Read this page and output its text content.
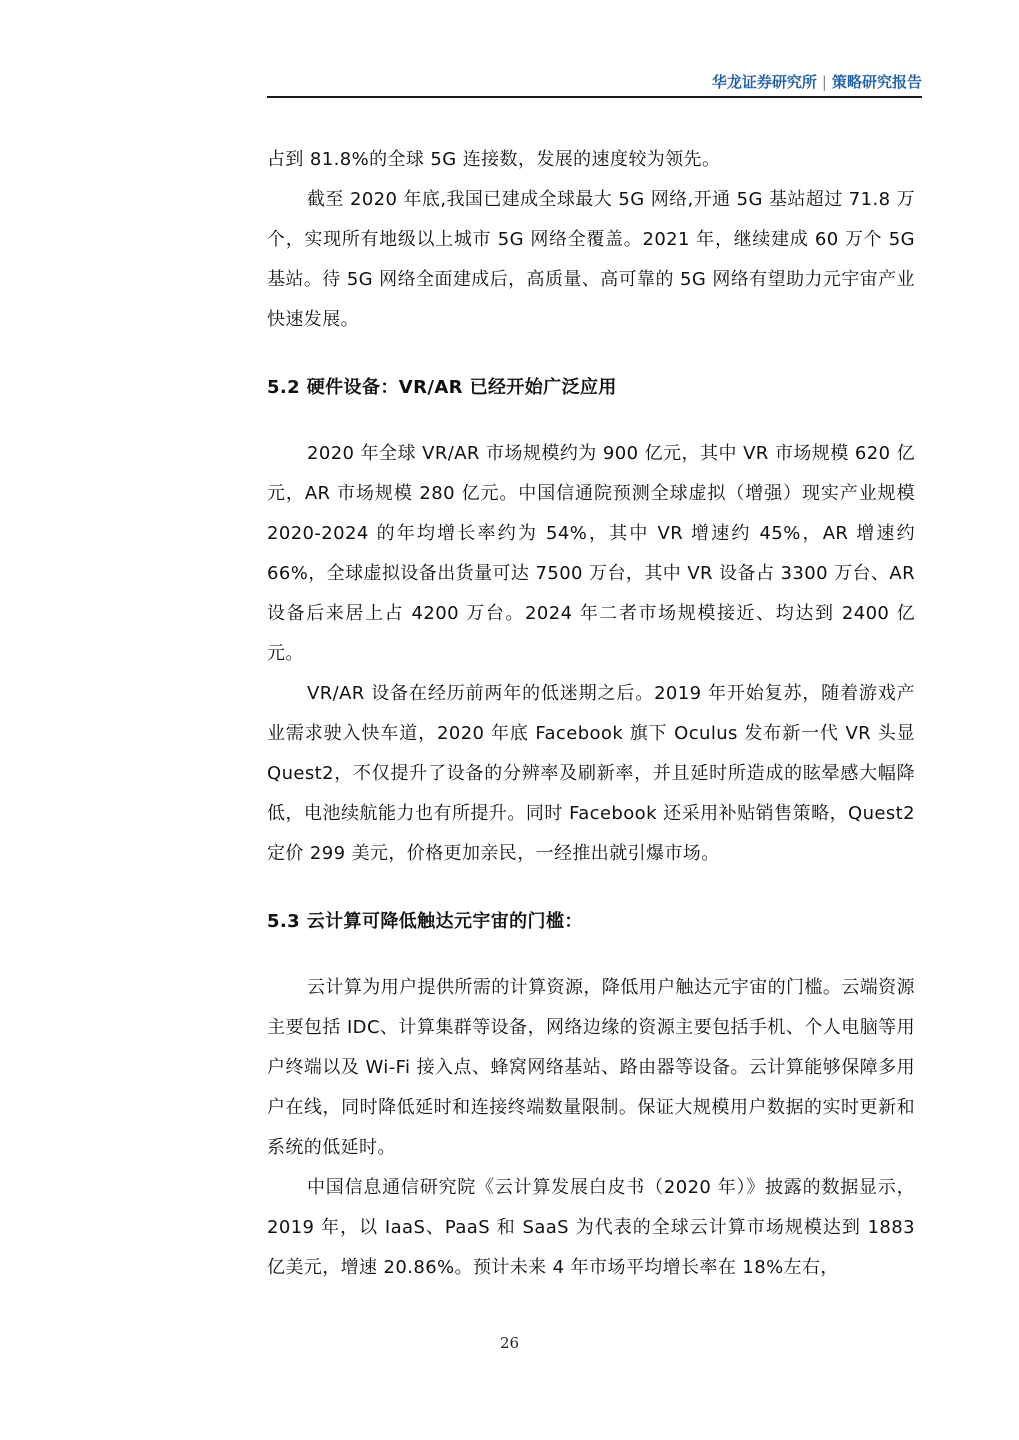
华龙证券研究所 | 策略研究报告

占到 81.8%的全球 5G 连接数，发展的速度较为领先。

截至 2020 年底,我国已建成全球最大 5G 网络,开通 5G 基站超过 71.8 万个，实现所有地级以上城市 5G 网络全覆盖。2021 年，继续建成 60 万个 5G 基站。待 5G 网络全面建成后，高质量、高可靠的 5G 网络有望助力元宇宙产业快速发展。

5.2 硬件设备：VR/AR 已经开始广泛应用

2020 年全球 VR/AR 市场规模约为 900 亿元，其中 VR 市场规模 620 亿元，AR 市场规模 280 亿元。中国信通院预测全球虚拟（增强）现实产业规模 2020-2024 的年均增长率约为 54%，其中 VR 增速约 45%，AR 增速约 66%，全球虚拟设备出货量可达 7500 万台，其中 VR 设备占 3300 万台、AR 设备后来居上占 4200 万台。2024 年二者市场规模接近、均达到 2400 亿元。

VR/AR 设备在经历前两年的低迷期之后。2019 年开始复苏，随着游戏产业需求驶入快车道，2020 年底 Facebook 旗下 Oculus 发布新一代 VR 头显 Quest2，不仅提升了设备的分辨率及刷新率，并且延时所造成的眩晕感大幅降低，电池续航能力也有所提升。同时 Facebook 还采用补贴销售策略，Quest2 定价 299 美元，价格更加亲民，一经推出就引爆市场。

5.3 云计算可降低触达元宇宙的门槛：

云计算为用户提供所需的计算资源，降低用户触达元宇宙的门槛。云端资源主要包括 IDC、计算集群等设备，网络边缘的资源主要包括手机、个人电脑等用户终端以及 Wi-Fi 接入点、蜂窝网络基站、路由器等设备。云计算能够保障多用户在线，同时降低延时和连接终端数量限制。保证大规模用户数据的实时更新和系统的低延时。

中国信息通信研究院《云计算发展白皮书（2020 年）》披露的数据显示，2019 年，以 IaaS、PaaS 和 SaaS 为代表的全球云计算市场规模达到 1883 亿美元，增速 20.86%。预计未来 4 年市场平均增长率在 18%左右，

26
